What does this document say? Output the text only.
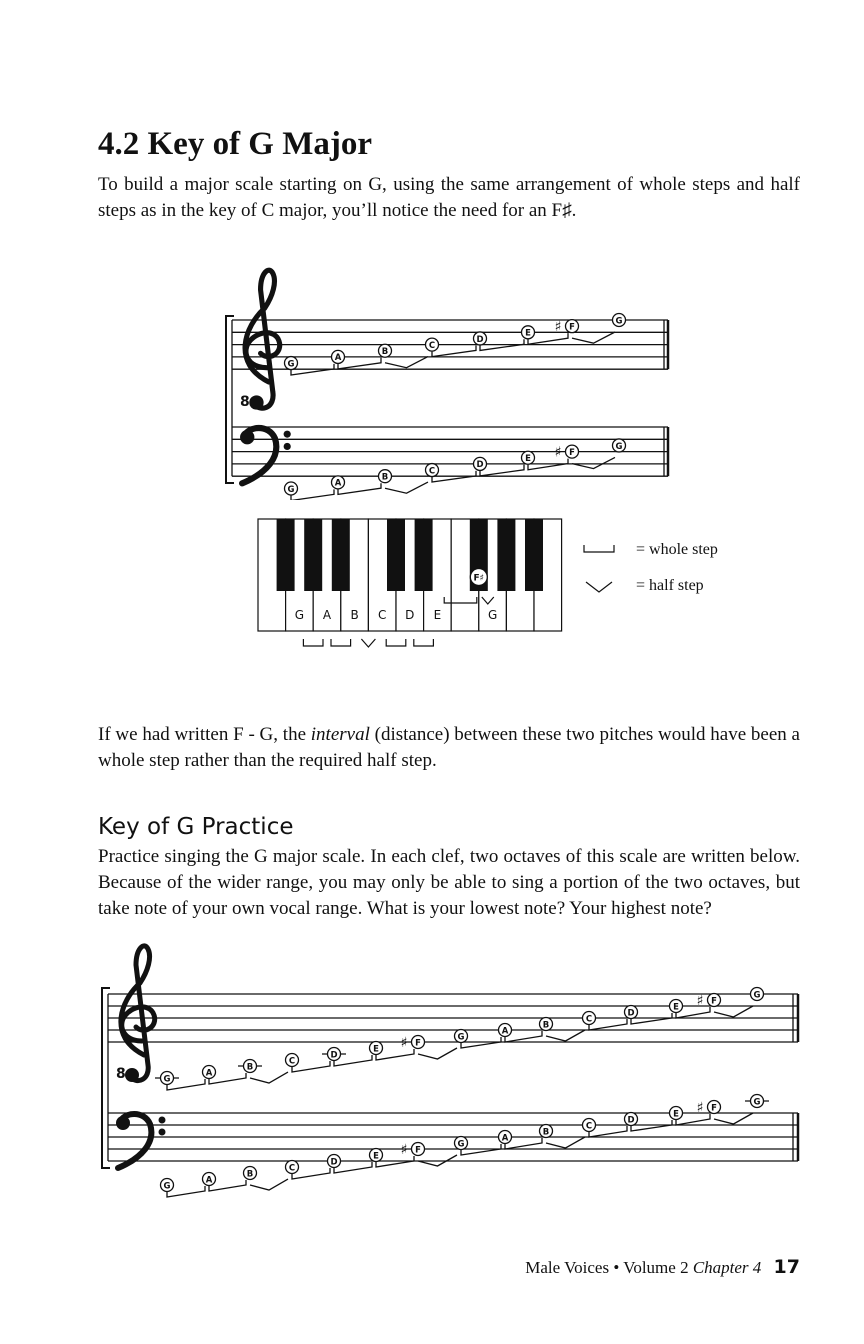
4.2 Key of G Major

To build a major scale starting on G, using the same arrangement of whole steps and half steps as in the key of C major, you’ll notice the need for an F♯.

8
G
A
B
C
D
E
F
♯	G
G
A
B
C
D
E
F
♯	G
G A B C D E	G
F♯
= whole step
= half step

If we had written F - G, the interval (distance) between these two pitches would have been a whole step rather than the required half step.

Key of G Practice

Practice singing the G major scale. In each clef, two octaves of this scale are written below. Because of the wider range, you may only be able to sing a portion of the two octaves, but take note of your own vocal range. What is your lowest note? Your highest note?

8	G
A
B
C
D
E
F
♯	G
A
B
C
D
E
F
♯	G
G
A
B
C
D
E
F
♯	G
A
B
C
D
E
F
♯	G
Male Voices • Volume 2 Chapter 4 17
